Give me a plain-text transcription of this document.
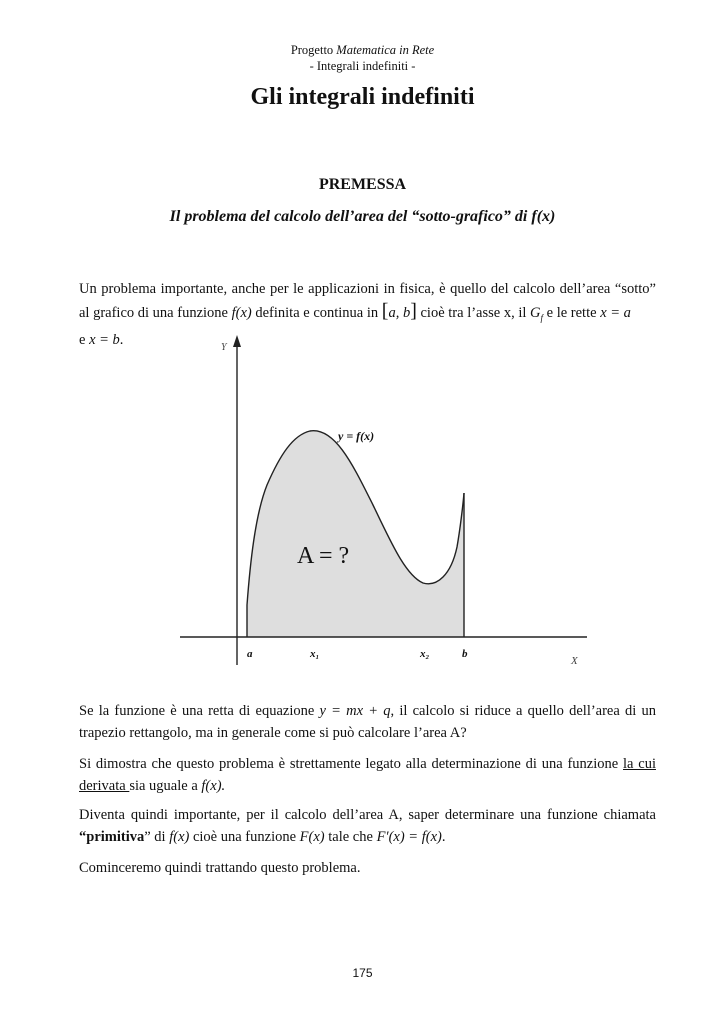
Progetto Matematica in Rete
- Integrali indefiniti -
Gli integrali indefiniti
PREMESSA
Il problema del calcolo dell’area del “sotto-grafico” di f(x)
Un problema importante, anche per le applicazioni in fisica, è quello del calcolo dell’area “sotto” al grafico di una funzione f(x) definita e continua in [a, b] cioè tra l’asse x, il $G_f$ e le rette x = a
e x = b.	Y
X
y = f(x)
A = ?
a	x₁	x₂	b
Se la funzione è una retta di equazione y = mx + q, il calcolo si riduce a quello dell’area di un trapezio rettangolo, ma in generale come si può calcolare l’area A?
Si dimostra che questo problema è strettamente legato alla determinazione di una funzione la cui derivata sia uguale a f(x).
Diventa quindi importante, per il calcolo dell’area A, saper determinare una funzione chiamata “primitiva” di f(x) cioè una funzione F(x) tale che F′(x) = f(x).
Cominceremo quindi trattando questo problema.
175
